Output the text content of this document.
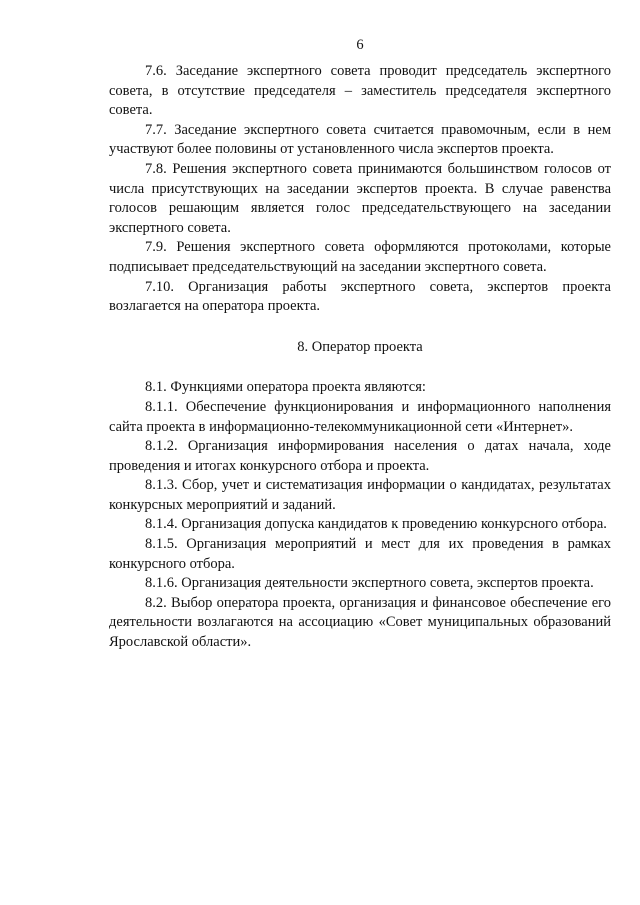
6

7.6. Заседание экспертного совета проводит председатель экспертного совета, в отсутствие председателя – заместитель председателя экспертного совета.

7.7. Заседание экспертного совета считается правомочным, если в нем участвуют более половины от установленного числа экспертов проекта.

7.8. Решения экспертного совета принимаются большинством голосов от числа присутствующих на заседании экспертов проекта. В случае равенства голосов решающим является голос председательствующего на заседании экспертного совета.

7.9. Решения экспертного совета оформляются протоколами, которые подписывает председательствующий на заседании экспертного совета.

7.10. Организация работы экспертного совета, экспертов проекта возлагается на оператора проекта.

8. Оператор проекта

8.1. Функциями оператора проекта являются:

8.1.1. Обеспечение функционирования и информационного наполнения сайта проекта в информационно-телекоммуникационной сети «Интернет».

8.1.2. Организация информирования населения о датах начала, ходе проведения и итогах конкурсного отбора и проекта.

8.1.3. Сбор, учет и систематизация информации о кандидатах, результатах конкурсных мероприятий и заданий.

8.1.4. Организация допуска кандидатов к проведению конкурсного отбора.

8.1.5. Организация мероприятий и мест для их проведения в рамках конкурсного отбора.

8.1.6. Организация деятельности экспертного совета, экспертов проекта.

8.2. Выбор оператора проекта, организация и финансовое обеспечение его деятельности возлагаются на ассоциацию «Совет муниципальных образований Ярославской области».
